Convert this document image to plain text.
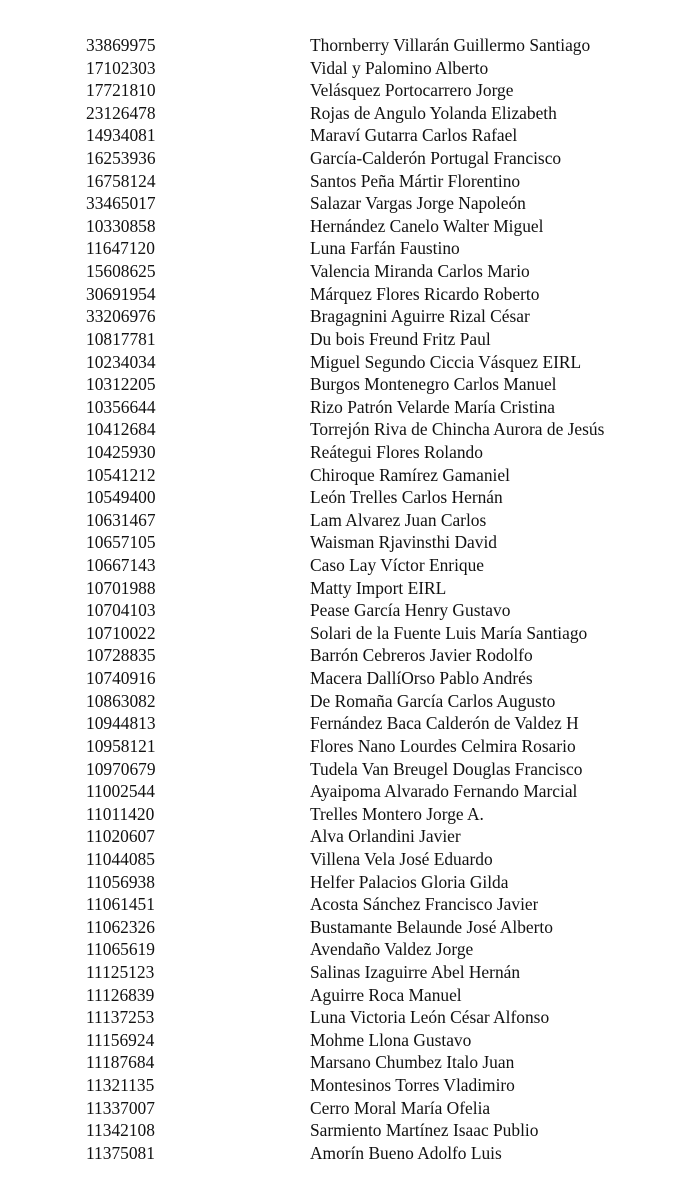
33869975	Thornberry Villarán Guillermo Santiago
17102303	Vidal y Palomino Alberto
17721810	Velásquez Portocarrero Jorge
23126478	Rojas de Angulo Yolanda Elizabeth
14934081	Maraví Gutarra Carlos Rafael
16253936	García-Calderón Portugal Francisco
16758124	Santos Peña Mártir Florentino
33465017	Salazar Vargas Jorge Napoleón
10330858	Hernández Canelo Walter Miguel
11647120	Luna Farfán Faustino
15608625	Valencia Miranda Carlos Mario
30691954	Márquez Flores Ricardo Roberto
33206976	Bragagnini Aguirre Rizal César
10817781	Du bois Freund Fritz Paul
10234034	Miguel Segundo Ciccia Vásquez EIRL
10312205	Burgos Montenegro Carlos Manuel
10356644	Rizo Patrón Velarde María Cristina
10412684	Torrejón Riva de Chincha Aurora de Jesús
10425930	Reátegui Flores Rolando
10541212	Chiroque Ramírez Gamaniel
10549400	León Trelles Carlos Hernán
10631467	Lam Alvarez Juan Carlos
10657105	Waisman Rjavinsthi David
10667143	Caso Lay Víctor Enrique
10701988	Matty Import EIRL
10704103	Pease García Henry Gustavo
10710022	Solari de la Fuente Luis María Santiago
10728835	Barrón Cebreros Javier Rodolfo
10740916	Macera DallíOrso Pablo Andrés
10863082	De Romaña García Carlos Augusto
10944813	Fernández Baca Calderón de Valdez H
10958121	Flores Nano Lourdes Celmira Rosario
10970679	Tudela Van Breugel Douglas Francisco
11002544	Ayaipoma Alvarado Fernando Marcial
11011420	Trelles Montero Jorge A.
11020607	Alva Orlandini Javier
11044085	Villena Vela José Eduardo
11056938	Helfer Palacios Gloria Gilda
11061451	Acosta Sánchez Francisco Javier
11062326	Bustamante Belaunde José Alberto
11065619	Avendaño Valdez Jorge
11125123	Salinas Izaguirre Abel Hernán
11126839	Aguirre Roca Manuel
11137253	Luna Victoria León César Alfonso
11156924	Mohme Llona Gustavo
11187684	Marsano Chumbez Italo Juan
11321135	Montesinos Torres Vladimiro
11337007	Cerro Moral María Ofelia
11342108	Sarmiento Martínez Isaac Publio
11375081	Amorín Bueno Adolfo Luis
